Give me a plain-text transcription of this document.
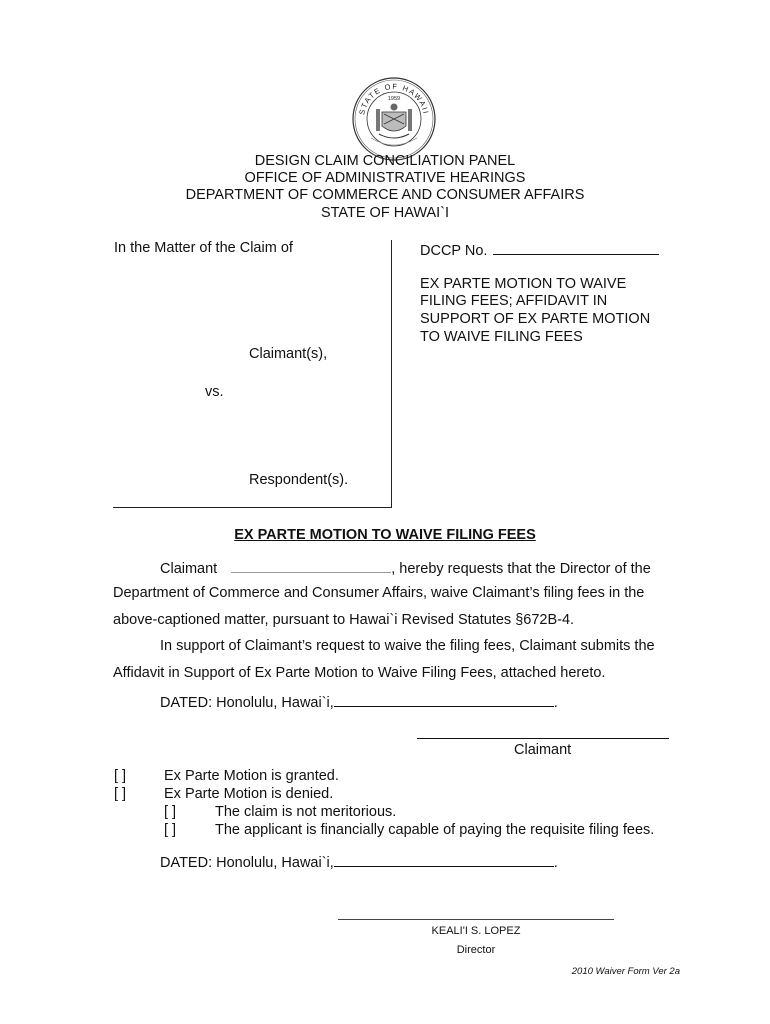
STATE OF HAWAII
1959
DESIGN CLAIM CONCILIATION PANEL
OFFICE OF ADMINISTRATIVE HEARINGS
DEPARTMENT OF COMMERCE AND CONSUMER AFFAIRS
STATE OF HAWAI`I
In the Matter of the Claim of
Claimant(s),
vs.
Respondent(s).
DCCP No.
EX PARTE MOTION TO WAIVE
FILING FEES; AFFIDAVIT IN
SUPPORT OF EX PARTE MOTION
TO WAIVE FILING FEES
EX PARTE MOTION TO WAIVE FILING FEES
Claimant	, hereby requests that the Director of the
Department of Commerce and Consumer Affairs, waive Claimant’s filing fees in the
above-captioned matter, pursuant to Hawai`i Revised Statutes §672B-4.
In support of Claimant’s request to waive the filing fees, Claimant submits the
Affidavit in Support of Ex Parte Motion to Waive Filing Fees, attached hereto.
DATED: Honolulu, Hawai`i,	.
Claimant
[ ]	Ex Parte Motion is granted.
[ ]	Ex Parte Motion is denied.
[ ]	The claim is not meritorious.
[ ]	The applicant is financially capable of paying the requisite filing fees.
DATED: Honolulu, Hawai`i,	.
KEALI'I S. LOPEZ
Director
2010 Waiver Form Ver 2a
